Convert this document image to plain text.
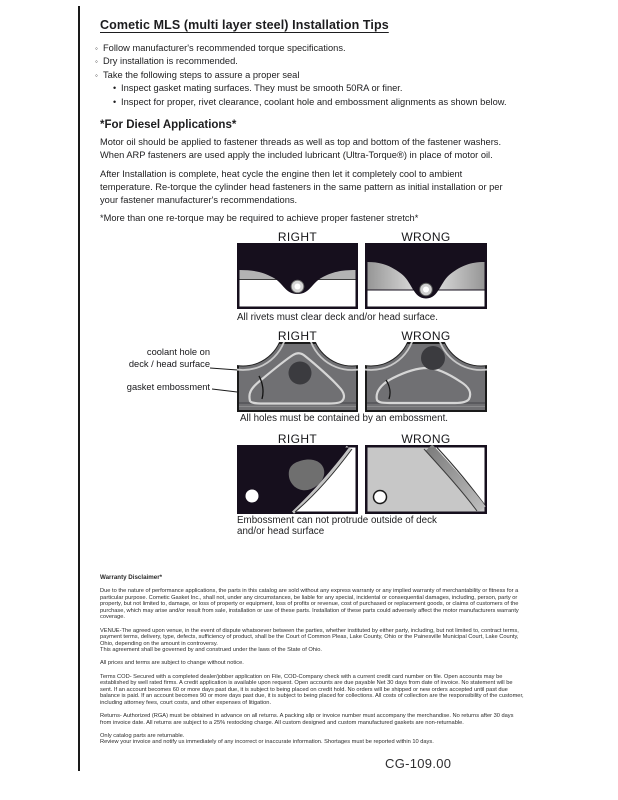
Cometic MLS (multi layer steel) Installation Tips
◦ Follow manufacturer's recommended torque specifications.
◦ Dry installation is recommended.
◦ Take the following steps to assure a proper seal
• Inspect gasket mating surfaces. They must be smooth 50RA or finer.
• Inspect for proper, rivet clearance, coolant hole and embossment alignments as shown below.
*For Diesel Applications*
Motor oil should be applied to fastener threads as well as top and bottom of the fastener washers. When ARP fasteners are used apply the included lubricant (Ultra-Torque®) in place of motor oil.
After Installation is complete, heat cycle the engine then let it completely cool to ambient temperature. Re-torque the cylinder head fasteners in the same pattern as initial installation or per your fastener manufacturer's recommendations.
*More than one re-torque may be required to achieve proper fastener stretch*
RIGHT	WRONG
All rivets must clear deck and/or head surface.
RIGHT	WRONG
coolant hole on
deck / head surface
gasket embossment
All holes must be contained by an embossment.
RIGHT	WRONG
Embossment can not protrude outside of deck
and/or head surface
Warranty Disclaimer*

Due to the nature of performance applications, the parts in this catalog are sold without any express warranty or any implied warranty of merchantability or fitness for a particular purpose. Cometic Gasket Inc., shall not, under any circumstances, be liable for any special, incidental or consequential damages, including, person, party or property, but not limited to, damage, or loss of property or equipment, loss of profits or revenue, cost of purchased or replacement goods, or claims of customers of the purchase, which may arise and/or result from sale, installation or use of these parts. Installation of these parts could adversely affect the motor manufacturers warranty coverage.

VENUE-The agreed upon venue, in the event of dispute whatsoever between the parties, whether instituted by either party, including, but not limited to, contract terms, payment terms, delivery, type, defects, sufficiency of product, shall be the Court of Common Pleas, Lake County, Ohio or the Painesville Municipal Court, Lake County, Ohio, depending on the amount in controversy.

This agreement shall be governed by and construed under the laws of the State of Ohio.

All prices and terms are subject to change without notice.

Terms COD- Secured with a completed dealer/jobber application on File, COD-Company check with a current credit card number on file. Open accounts may be established by well rated firms. A credit application is available upon request. Open accounts are due payable Net 30 days from date of invoice. No statement will be sent. If an account becomes 60 or more days past due, it is subject to being placed on credit hold. No orders will be shipped or new orders accepted until past due balance is paid. If an account becomes 90 or more days past due, it is subject to being placed for collections. All costs of collection are the responsibility of the customer, including attorney fees, court costs, and other expenses of litigation.

Returns- Authorized (RGA) must be obtained in advance on all returns. A packing slip or invoice number must accompany the merchandise. No returns after 30 days from invoice date. All returns are subject to a 25% restocking charge. All custom designed and custom manufactured gaskets are non-returnable.

Only catalog parts are returnable.
Review your invoice and notify us immediately of any incorrect or inaccurate information. Shortages must be reported within 10 days.
CG-109.00
